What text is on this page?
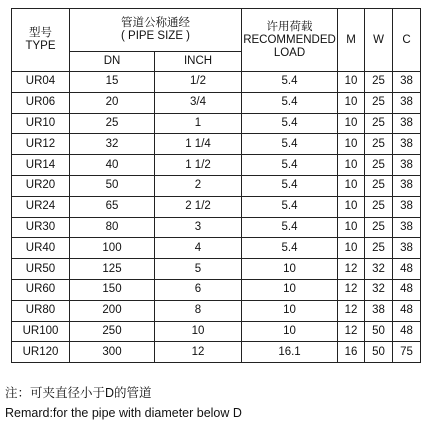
型号
TYPE	管道公称通经
( PIPE SIZE )		许用荷载
RECOMMENDED
LOAD	M	W	C
	DN	INCH				
UR04	15	1/2	5.4	10	25	38
UR06	20	3/4	5.4	10	25	38
UR10	25	1	5.4	10	25	38
UR12	32	1 1/4	5.4	10	25	38
UR14	40	1 1/2	5.4	10	25	38
UR20	50	2	5.4	10	25	38
UR24	65	2 1/2	5.4	10	25	38
UR30	80	3	5.4	10	25	38
UR40	100	4	5.4	10	25	38
UR50	125	5	10	12	32	48
UR60	150	6	10	12	32	48
UR80	200	8	10	12	38	48
UR100	250	10	10	12	50	48
UR120	300	12	16.1	16	50	75
注：可夹直径小于D的管道
Remard:for the pipe with diameter below D
